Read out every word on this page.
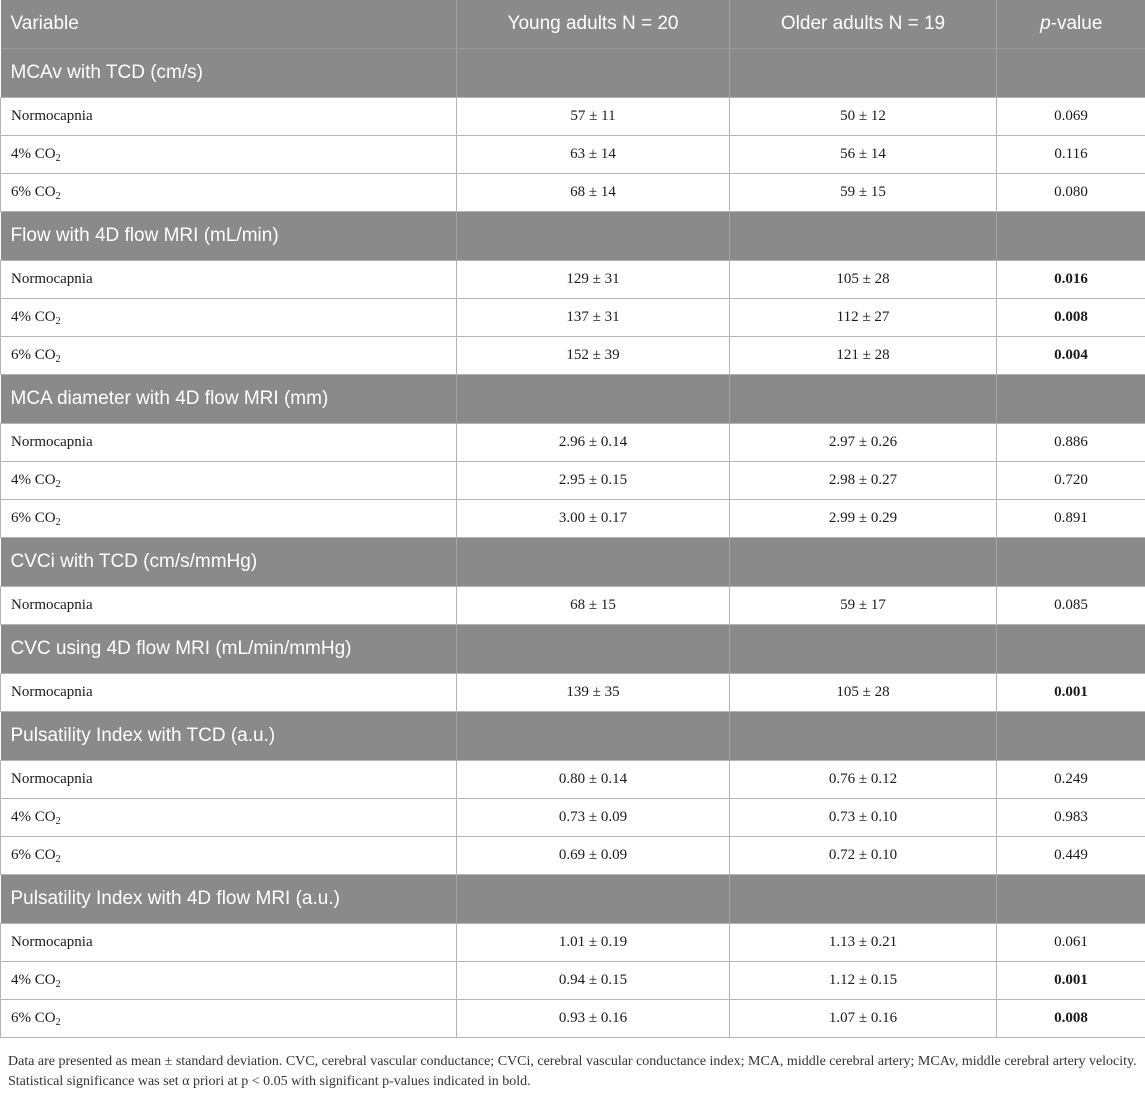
Variable	Young adults N = 20	Older adults N = 19	p-value
MCAv with TCD (cm/s)			
Normocapnia	57 ± 11	50 ± 12	0.069
4% $CO_2$	63 ± 14	56 ± 14	0.116
6% $CO_2$	68 ± 14	59 ± 15	0.080
Flow with 4D flow MRI (mL/min)			
Normocapnia	129 ± 31	105 ± 28	0.016
4% $CO_2$	137 ± 31	112 ± 27	0.008
6% $CO_2$	152 ± 39	121 ± 28	0.004
MCA diameter with 4D flow MRI (mm)			
Normocapnia	2.96 ± 0.14	2.97 ± 0.26	0.886
4% $CO_2$	2.95 ± 0.15	2.98 ± 0.27	0.720
6% $CO_2$	3.00 ± 0.17	2.99 ± 0.29	0.891
CVCi with TCD (cm/s/mmHg)			
Normocapnia	68 ± 15	59 ± 17	0.085
CVC using 4D flow MRI (mL/min/mmHg)			
Normocapnia	139 ± 35	105 ± 28	0.001
Pulsatility Index with TCD (a.u.)			
Normocapnia	0.80 ± 0.14	0.76 ± 0.12	0.249
4% $CO_2$	0.73 ± 0.09	0.73 ± 0.10	0.983
6% $CO_2$	0.69 ± 0.09	0.72 ± 0.10	0.449
Pulsatility Index with 4D flow MRI (a.u.)			
Normocapnia	1.01 ± 0.19	1.13 ± 0.21	0.061
4% $CO_2$	0.94 ± 0.15	1.12 ± 0.15	0.001
6% $CO_2$	0.93 ± 0.16	1.07 ± 0.16	0.008

Data are presented as mean ± standard deviation. CVC, cerebral vascular conductance; CVCi, cerebral vascular conductance index; MCA, middle cerebral artery; MCAv, middle cerebral artery velocity. Statistical significance was set α priori at p < 0.05 with significant p-values indicated in bold.
